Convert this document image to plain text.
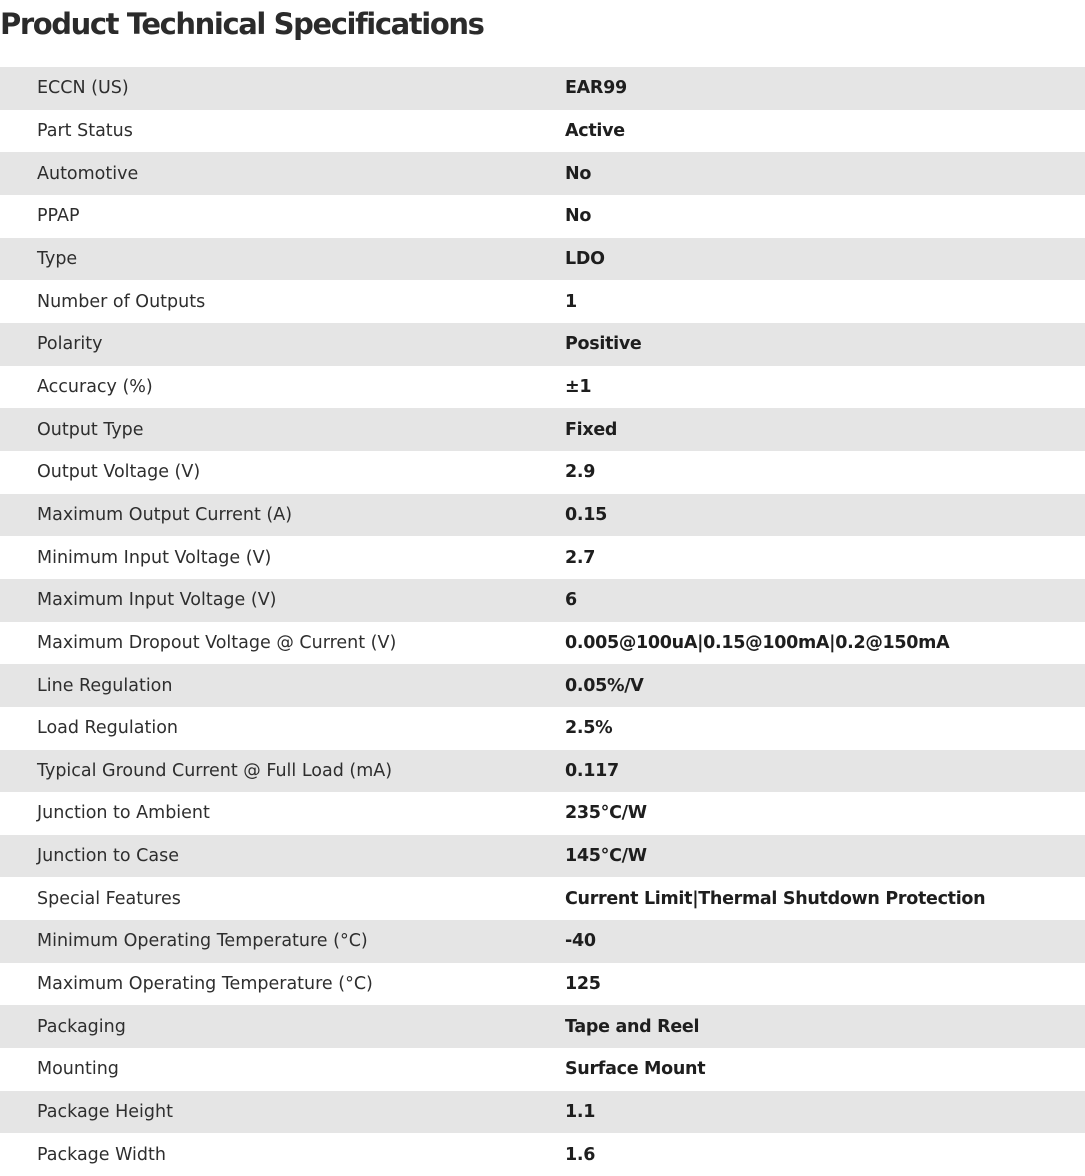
Product Technical Specifications
ECCN (US)	EAR99
Part Status	Active
Automotive	No
PPAP	No
Type	LDO
Number of Outputs	1
Polarity	Positive
Accuracy (%)	±1
Output Type	Fixed
Output Voltage (V)	2.9
Maximum Output Current (A)	0.15
Minimum Input Voltage (V)	2.7
Maximum Input Voltage (V)	6
Maximum Dropout Voltage @ Current (V)	0.005@100uA|0.15@100mA|0.2@150mA
Line Regulation	0.05%/V
Load Regulation	2.5%
Typical Ground Current @ Full Load (mA)	0.117
Junction to Ambient	235°C/W
Junction to Case	145°C/W
Special Features	Current Limit|Thermal Shutdown Protection
Minimum Operating Temperature (°C)	-40
Maximum Operating Temperature (°C)	125
Packaging	Tape and Reel
Mounting	Surface Mount
Package Height	1.1
Package Width	1.6
